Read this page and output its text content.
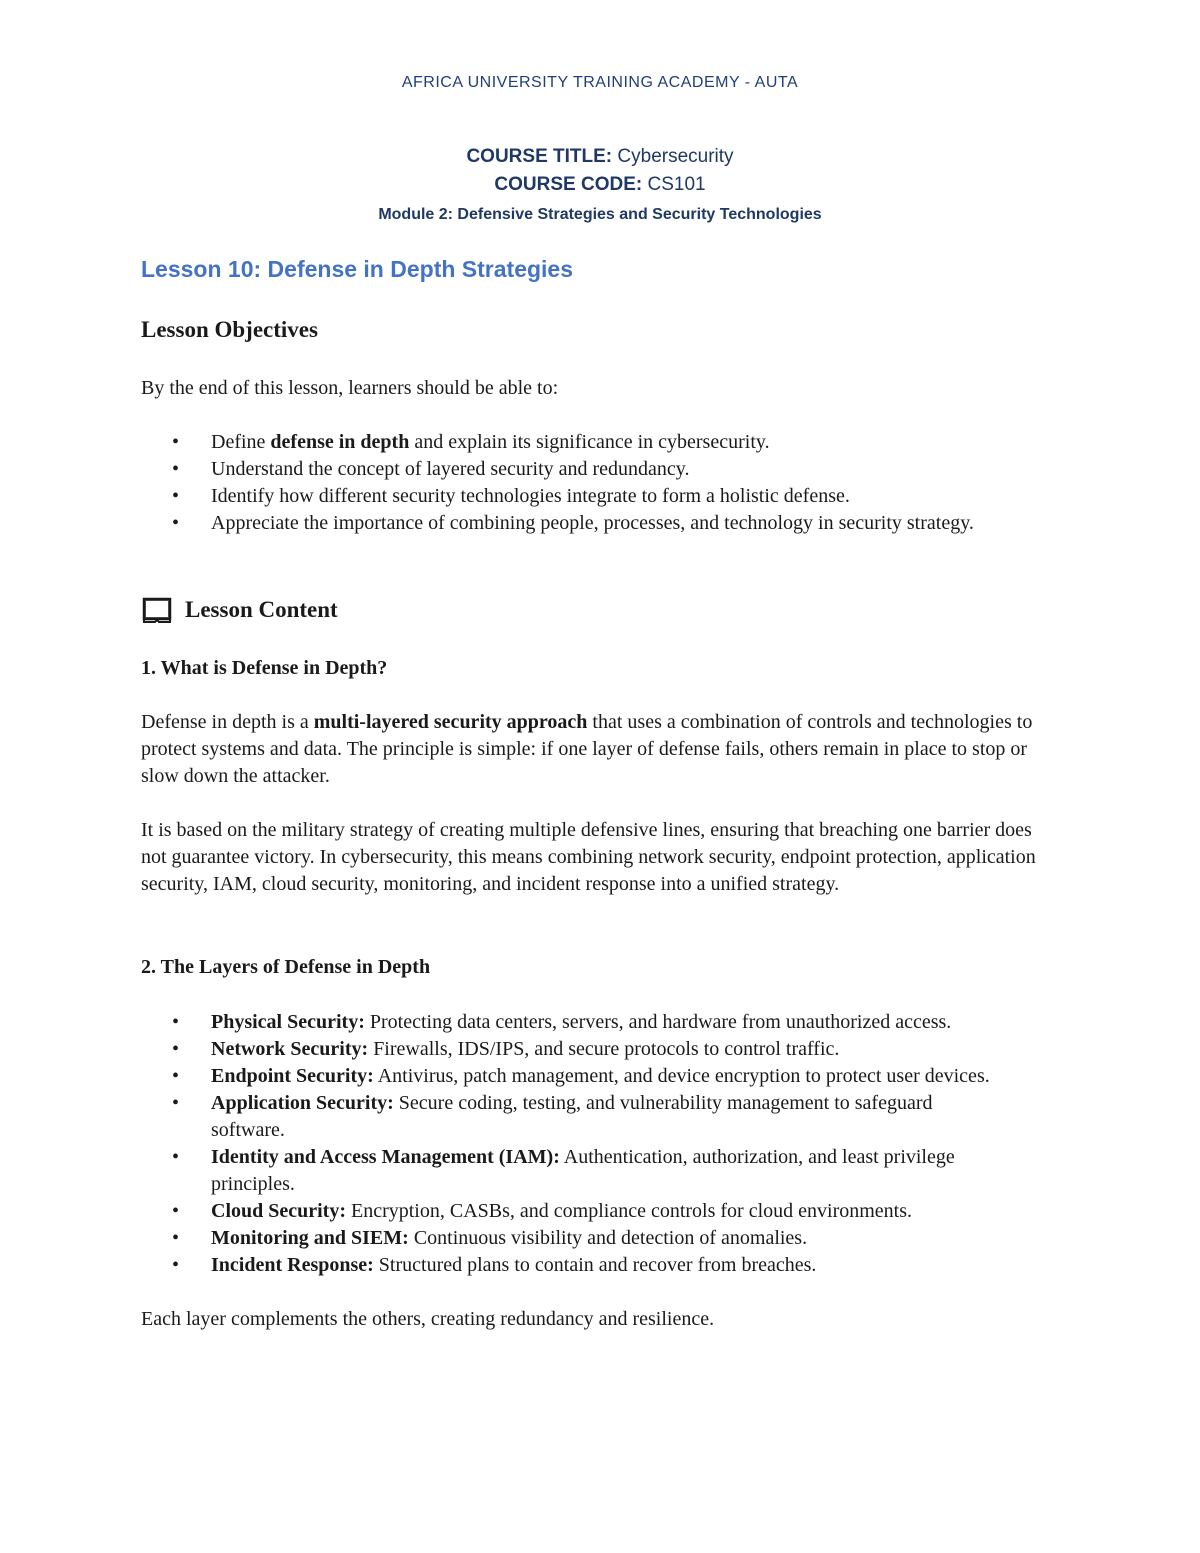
AFRICA UNIVERSITY TRAINING ACADEMY - AUTA
COURSE TITLE: Cybersecurity
COURSE CODE: CS101
Module 2: Defensive Strategies and Security Technologies
Lesson 10: Defense in Depth Strategies
Lesson Objectives

By the end of this lesson, learners should be able to:

• Define defense in depth and explain its significance in cybersecurity.
• Understand the concept of layered security and redundancy.
• Identify how different security technologies integrate to form a holistic defense.
• Appreciate the importance of combining people, processes, and technology in security strategy.
Lesson Content

1. What is Defense in Depth?

Defense in depth is a multi-layered security approach that uses a combination of controls and technologies to protect systems and data. The principle is simple: if one layer of defense fails, others remain in place to stop or slow down the attacker.

It is based on the military strategy of creating multiple defensive lines, ensuring that breaching one barrier does not guarantee victory. In cybersecurity, this means combining network security, endpoint protection, application security, IAM, cloud security, monitoring, and incident response into a unified strategy.

2. The Layers of Defense in Depth

• Physical Security: Protecting data centers, servers, and hardware from unauthorized access.
• Network Security: Firewalls, IDS/IPS, and secure protocols to control traffic.
• Endpoint Security: Antivirus, patch management, and device encryption to protect user devices.
• Application Security: Secure coding, testing, and vulnerability management to safeguard software.
• Identity and Access Management (IAM): Authentication, authorization, and least privilege principles.
• Cloud Security: Encryption, CASBs, and compliance controls for cloud environments.
• Monitoring and SIEM: Continuous visibility and detection of anomalies.
• Incident Response: Structured plans to contain and recover from breaches.

Each layer complements the others, creating redundancy and resilience.
